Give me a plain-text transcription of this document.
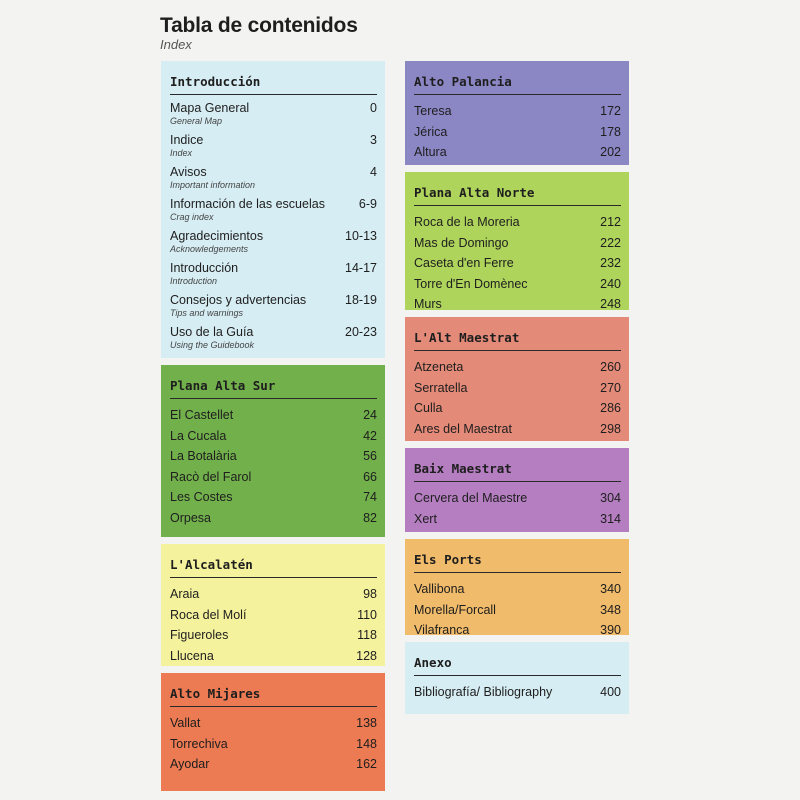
Tabla de contenidos
Index
Introducción
Mapa General	0
General Map
Indice	3
Index
Avisos	4
Important information
Información de las escuelas	6-9
Crag index
Agradecimientos	10-13
Acknowledgements
Introducción	14-17
Introduction
Consejos y advertencias	18-19
Tips and warnings
Uso de la Guía	20-23
Using the Guidebook
Plana Alta Sur
El Castellet	24
La Cucala	42
La Botalària	56
Racò del Farol	66
Les Costes	74
Orpesa	82
L'Alcalatén
Araia	98
Roca del Molí	110
Figueroles	118
Llucena	128
Alto Mijares
Vallat	138
Torrechiva	148
Ayodar	162
Alto Palancia
Teresa	172
Jérica	178
Altura	202
Plana Alta Norte
Roca de la Moreria	212
Mas de Domingo	222
Caseta d'en Ferre	232
Torre d'En Domènec	240
Murs	248
L'Alt Maestrat
Atzeneta	260
Serratella	270
Culla	286
Ares del Maestrat	298
Baix Maestrat
Cervera del Maestre	304
Xert	314
Els Ports
Vallibona	340
Morella/Forcall	348
Vilafranca	390
Anexo
Bibliografía/ Bibliography	400
